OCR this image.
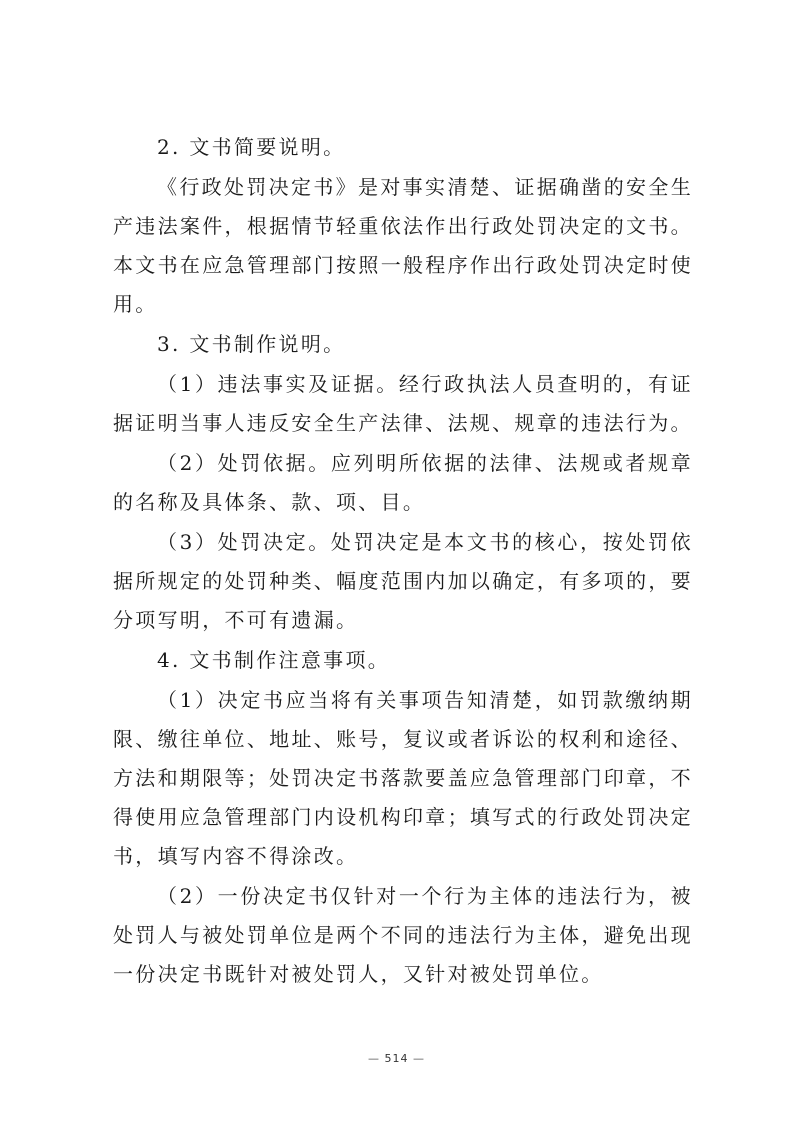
2. 文书简要说明。

《行政处罚决定书》是对事实清楚、证据确凿的安全生产违法案件，根据情节轻重依法作出行政处罚决定的文书。本文书在应急管理部门按照一般程序作出行政处罚决定时使用。

3. 文书制作说明。

（1）违法事实及证据。经行政执法人员查明的，有证据证明当事人违反安全生产法律、法规、规章的违法行为。

（2）处罚依据。应列明所依据的法律、法规或者规章的名称及具体条、款、项、目。

（3）处罚决定。处罚决定是本文书的核心，按处罚依据所规定的处罚种类、幅度范围内加以确定，有多项的，要分项写明，不可有遗漏。

4. 文书制作注意事项。

（1）决定书应当将有关事项告知清楚，如罚款缴纳期限、缴往单位、地址、账号，复议或者诉讼的权利和途径、方法和期限等；处罚决定书落款要盖应急管理部门印章，不得使用应急管理部门内设机构印章；填写式的行政处罚决定书，填写内容不得涂改。

（2）一份决定书仅针对一个行为主体的违法行为，被处罚人与被处罚单位是两个不同的违法行为主体，避免出现一份决定书既针对被处罚人，又针对被处罚单位。

— 514 —
